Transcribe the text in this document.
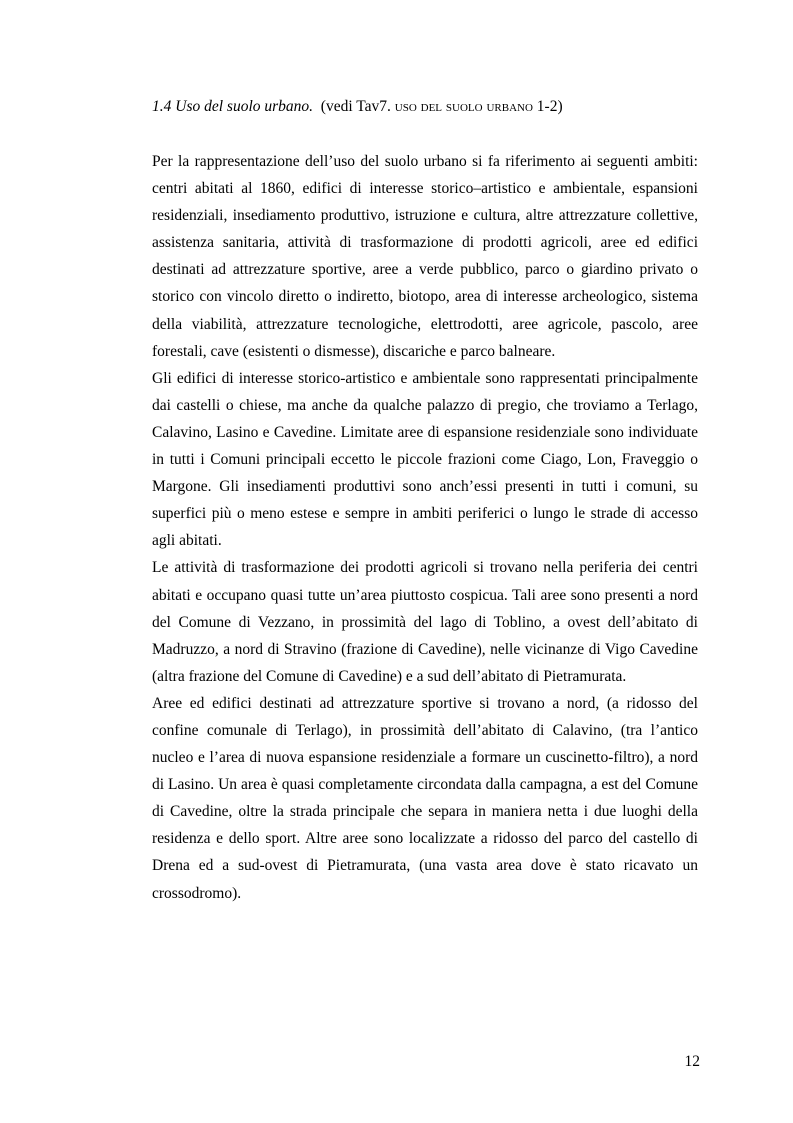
1.4 Uso del suolo urbano. (vedi Tav7. uso del suolo urbano 1-2)

Per la rappresentazione dell’uso del suolo urbano si fa riferimento ai seguenti ambiti: centri abitati al 1860, edifici di interesse storico–artistico e ambientale, espansioni residenziali, insediamento produttivo, istruzione e cultura, altre attrezzature collettive, assistenza sanitaria, attività di trasformazione di prodotti agricoli, aree ed edifici destinati ad attrezzature sportive, aree a verde pubblico, parco o giardino privato o storico con vincolo diretto o indiretto, biotopo, area di interesse archeologico, sistema della viabilità, attrezzature tecnologiche, elettrodotti, aree agricole, pascolo, aree forestali, cave (esistenti o dismesse), discariche e parco balneare.

Gli edifici di interesse storico-artistico e ambientale sono rappresentati principalmente dai castelli o chiese, ma anche da qualche palazzo di pregio, che troviamo a Terlago, Calavino, Lasino e Cavedine. Limitate aree di espansione residenziale sono individuate in tutti i Comuni principali eccetto le piccole frazioni come Ciago, Lon, Fraveggio o Margone. Gli insediamenti produttivi sono anch’essi presenti in tutti i comuni, su superfici più o meno estese e sempre in ambiti periferici o lungo le strade di accesso agli abitati.

Le attività di trasformazione dei prodotti agricoli si trovano nella periferia dei centri abitati e occupano quasi tutte un’area piuttosto cospicua. Tali aree sono presenti a nord del Comune di Vezzano, in prossimità del lago di Toblino, a ovest dell’abitato di Madruzzo, a nord di Stravino (frazione di Cavedine), nelle vicinanze di Vigo Cavedine (altra frazione del Comune di Cavedine) e a sud dell’abitato di Pietramurata.

Aree ed edifici destinati ad attrezzature sportive si trovano a nord, (a ridosso del confine comunale di Terlago), in prossimità dell’abitato di Calavino, (tra l’antico nucleo e l’area di nuova espansione residenziale a formare un cuscinetto-filtro), a nord di Lasino. Un area è quasi completamente circondata dalla campagna, a est del Comune di Cavedine, oltre la strada principale che separa in maniera netta i due luoghi della residenza e dello sport. Altre aree sono localizzate a ridosso del parco del castello di Drena ed a sud-ovest di Pietramurata, (una vasta area dove è stato ricavato un crossodromo).

12
